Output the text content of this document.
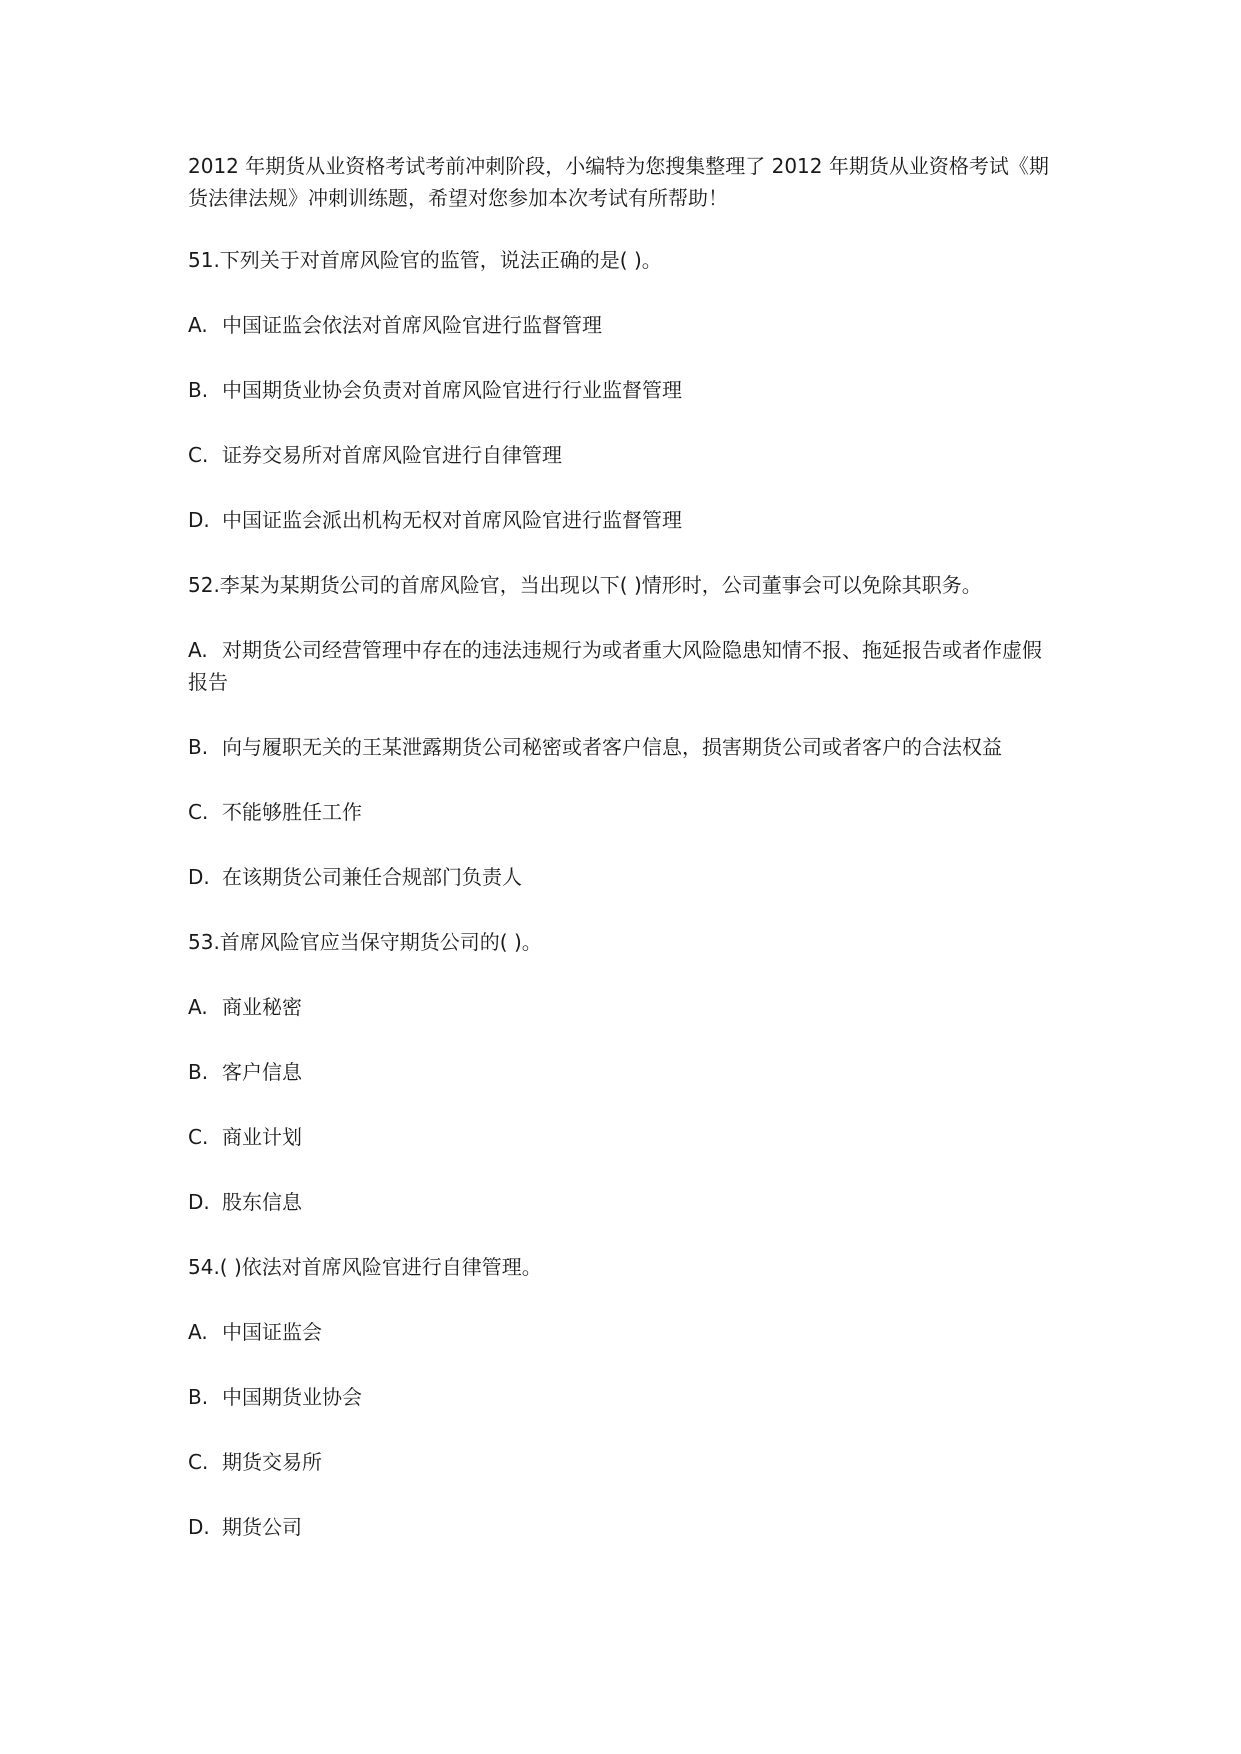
2012 年期货从业资格考试考前冲刺阶段，小编特为您搜集整理了 2012 年期货从业资格考试《期货法律法规》冲刺训练题，希望对您参加本次考试有所帮助！

51.下列关于对首席风险官的监管，说法正确的是( )。

A. 中国证监会依法对首席风险官进行监督管理

B. 中国期货业协会负责对首席风险官进行行业监督管理

C. 证券交易所对首席风险官进行自律管理

D. 中国证监会派出机构无权对首席风险官进行监督管理

52.李某为某期货公司的首席风险官，当出现以下( )情形时，公司董事会可以免除其职务。

A. 对期货公司经营管理中存在的违法违规行为或者重大风险隐患知情不报、拖延报告或者作虚假报告

B. 向与履职无关的王某泄露期货公司秘密或者客户信息，损害期货公司或者客户的合法权益

C. 不能够胜任工作

D. 在该期货公司兼任合规部门负责人

53.首席风险官应当保守期货公司的( )。

A. 商业秘密

B. 客户信息

C. 商业计划

D. 股东信息

54.( )依法对首席风险官进行自律管理。

A. 中国证监会

B. 中国期货业协会

C. 期货交易所

D. 期货公司
